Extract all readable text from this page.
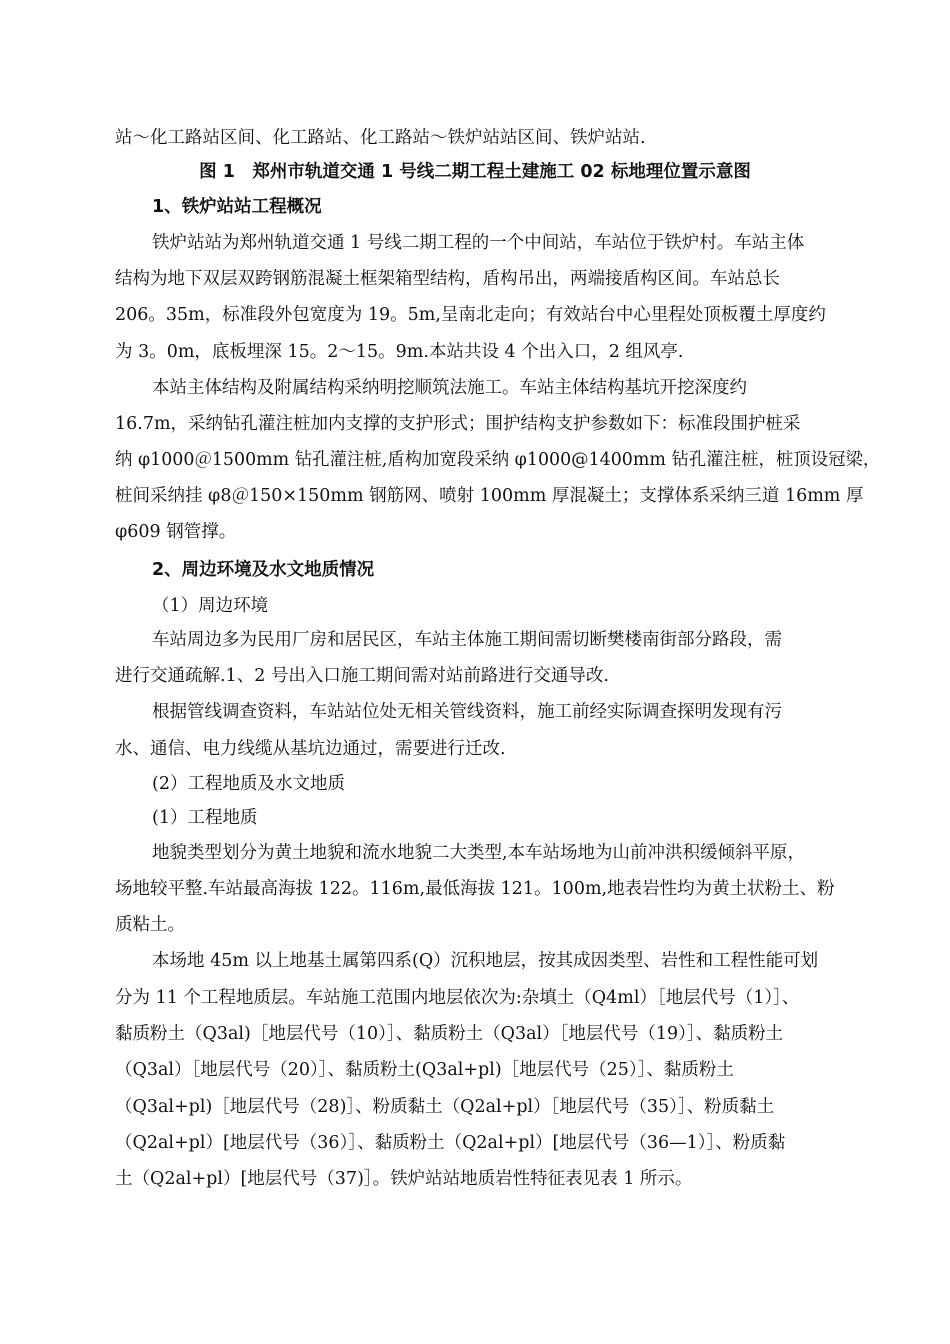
站～化工路站区间、化工路站、化工路站～铁炉站站区间、铁炉站站.
图 1　郑州市轨道交通 1 号线二期工程土建施工 02 标地理位置示意图
1、铁炉站站工程概况
铁炉站站为郑州轨道交通 1 号线二期工程的一个中间站，车站位于铁炉村。车站主体
结构为地下双层双跨钢筋混凝土框架箱型结构，盾构吊出，两端接盾构区间。车站总长
206。35m，标准段外包宽度为 19。5m,呈南北走向；有效站台中心里程处顶板覆土厚度约
为 3。0m，底板埋深 15。2～15。9m.本站共设 4 个出入口，2 组风亭.
本站主体结构及附属结构采纳明挖顺筑法施工。车站主体结构基坑开挖深度约
16.7m，采纳钻孔灌注桩加内支撑的支护形式；围护结构支护参数如下：标准段围护桩采
纳 φ1000＠1500mm 钻孔灌注桩,盾构加宽段采纳 φ1000@1400mm 钻孔灌注桩，桩顶设冠梁，
桩间采纳挂 φ8＠150×150mm 钢筋网、喷射 100mm 厚混凝土；支撑体系采纳三道 16mm 厚
φ609 钢管撑。
2、周边环境及水文地质情况
（1）周边环境
车站周边多为民用厂房和居民区，车站主体施工期间需切断樊楼南街部分路段，需
进行交通疏解.1、2 号出入口施工期间需对站前路进行交通导改.
根据管线调查资料，车站站位处无相关管线资料，施工前经实际调查探明发现有污
水、通信、电力线缆从基坑边通过，需要进行迁改.
(2）工程地质及水文地质
(1）工程地质
地貌类型划分为黄土地貌和流水地貌二大类型,本车站场地为山前冲洪积缓倾斜平原，
场地较平整.车站最高海拔 122。116m,最低海拔 121。100m,地表岩性均为黄土状粉土、粉
质粘土。
本场地 45m 以上地基土属第四系(Q）沉积地层，按其成因类型、岩性和工程性能可划
分为 11 个工程地质层。车站施工范围内地层依次为:杂填土（Q4ml）［地层代号（1）］、
黏质粉土（Q3al)［地层代号（10）］、黏质粉土（Q3al）［地层代号（19）］、黏质粉土
（Q3al）［地层代号（20）］、黏质粉土(Q3al+pl)［地层代号（25）］、黏质粉土
（Q3al+pl)［地层代号（28)］、粉质黏土（Q2al+pl）［地层代号（35）］、粉质黏土
（Q2al+pl）[地层代号（36）］、黏质粉土（Q2al+pl）[地层代号（36—1）］、粉质黏
土（Q2al+pl）[地层代号（37)］。铁炉站站地质岩性特征表见表 1 所示。
